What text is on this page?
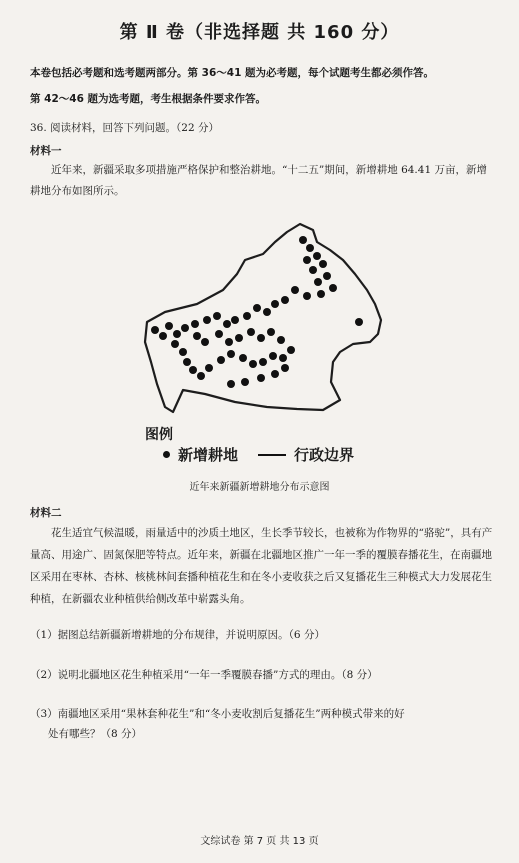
第 Ⅱ 卷（非选择题 共 160 分）
本卷包括必考题和选考题两部分。第 36～41 题为必考题，每个试题考生都必须作答。
第 42～46 题为选考题，考生根据条件要求作答。
36. 阅读材料，回答下列问题。（22 分）
材料一
近年来，新疆采取多项措施严格保护和整治耕地。“十二五”期间，新增耕地 64.41 万亩，新增耕地分布如图所示。
图例
新增耕地	行政边界
近年来新疆新增耕地分布示意图
材料二
花生适宜气候温暖，雨量适中的沙质土地区，生长季节较长，也被称为作物界的“骆驼”，具有产量高、用途广、固氮保肥等特点。近年来，新疆在北疆地区推广一年一季的覆膜春播花生，在南疆地区采用在枣林、杏林、核桃林间套播种植花生和在冬小麦收获之后又复播花生三种模式大力发展花生种植，在新疆农业种植供给侧改革中崭露头角。
（1）据图总结新疆新增耕地的分布规律，并说明原因。（6 分）
（2）说明北疆地区花生种植采用“一年一季覆膜春播”方式的理由。（8 分）
（3）南疆地区采用“果林套种花生”和“冬小麦收割后复播花生”两种模式带来的好
处有哪些？（8 分）
文综试卷 第 7 页 共 13 页
